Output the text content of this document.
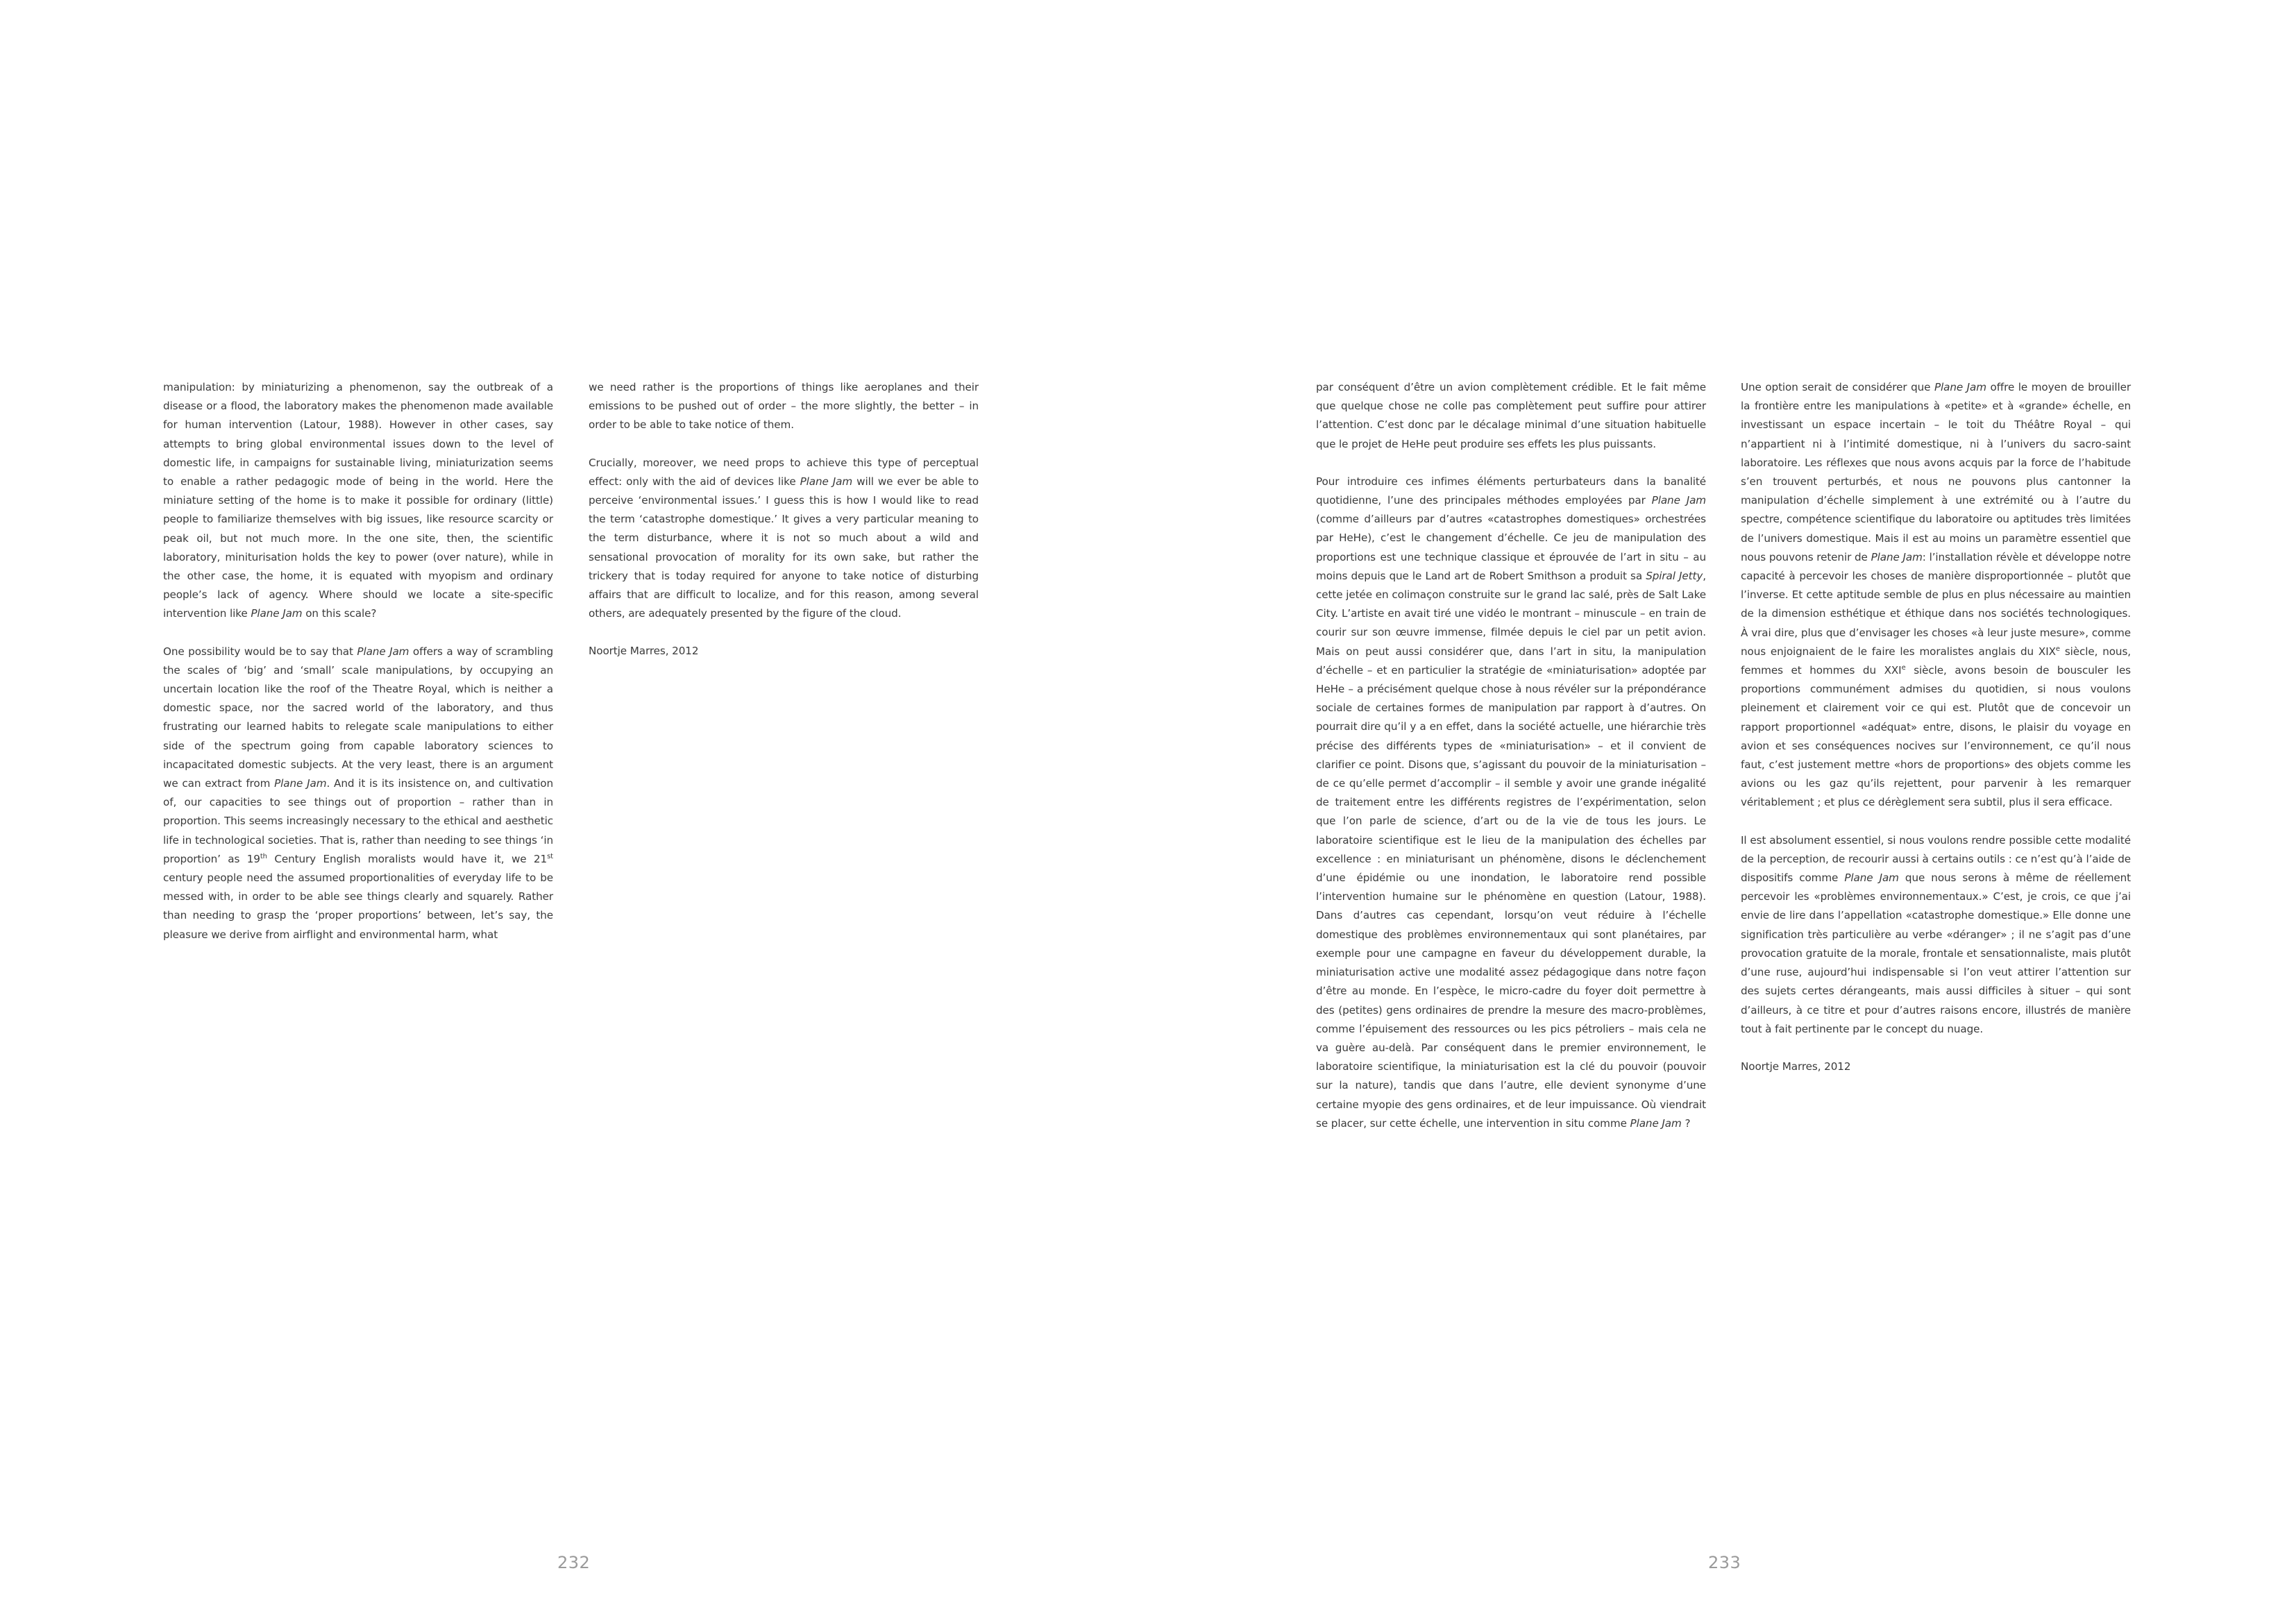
manipulation: by miniaturizing a phenomenon, say the outbreak of a disease or a flood, the laboratory makes the phenomenon made available for human intervention (Latour, 1988). However in other cases, say attempts to bring global environmental issues down to the level of domestic life, in campaigns for sustainable living, miniaturization seems to enable a rather pedagogic mode of being in the world. Here the miniature setting of the home is to make it possible for ordinary (little) people to familiarize themselves with big issues, like resource scarcity or peak oil, but not much more. In the one site, then, the scientific laboratory, miniturisation holds the key to power (over nature), while in the other case, the home, it is equated with myopism and ordinary people’s lack of agency. Where should we locate a site-specific intervention like Plane Jam on this scale?

One possibility would be to say that Plane Jam offers a way of scrambling the scales of ‘big’ and ‘small’ scale manipulations, by occupying an uncertain location like the roof of the Theatre Royal, which is neither a domestic space, nor the sacred world of the laboratory, and thus frustrating our learned habits to relegate scale manipulations to either side of the spectrum going from capable laboratory sciences to incapacitated domestic subjects. At the very least, there is an argument we can extract from Plane Jam. And it is its insistence on, and cultivation of, our capacities to see things out of proportion – rather than in proportion. This seems increasingly necessary to the ethical and aesthetic life in technological societies. That is, rather than needing to see things ‘in proportion’ as 19th Century English moralists would have it, we 21st century people need the assumed proportionalities of everyday life to be messed with, in order to be able see things clearly and squarely. Rather than needing to grasp the ‘proper proportions’ between, let’s say, the pleasure we derive from airflight and environmental harm, what

we need rather is the proportions of things like aeroplanes and their emissions to be pushed out of order – the more slightly, the better – in order to be able to take notice of them.

Crucially, moreover, we need props to achieve this type of perceptual effect: only with the aid of devices like Plane Jam will we ever be able to perceive ‘environmental issues.’ I guess this is how I would like to read the term ‘catastrophe domestique.’ It gives a very particular meaning to the term disturbance, where it is not so much about a wild and sensational provocation of morality for its own sake, but rather the trickery that is today required for anyone to take notice of disturbing affairs that are difficult to localize, and for this reason, among several others, are adequately presented by the figure of the cloud.

Noortje Marres, 2012

232

par conséquent d’être un avion complètement crédible. Et le fait même que quelque chose ne colle pas complètement peut suffire pour attirer l’attention. C’est donc par le décalage minimal d’une situation habituelle que le projet de HeHe peut produire ses effets les plus puissants.

Pour introduire ces infimes éléments perturbateurs dans la banalité quotidienne, l’une des principales méthodes employées par Plane Jam (comme d’ailleurs par d’autres «catastrophes domestiques» orchestrées par HeHe), c’est le changement d’échelle. Ce jeu de manipulation des proportions est une technique classique et éprouvée de l’art in situ – au moins depuis que le Land art de Robert Smithson a produit sa Spiral Jetty, cette jetée en colimaçon construite sur le grand lac salé, près de Salt Lake City. L’artiste en avait tiré une vidéo le montrant – minuscule – en train de courir sur son œuvre immense, filmée depuis le ciel par un petit avion. Mais on peut aussi considérer que, dans l’art in situ, la manipulation d’échelle – et en particulier la stratégie de «miniaturisation» adoptée par HeHe – a précisément quelque chose à nous révéler sur la prépondérance sociale de certaines formes de manipulation par rapport à d’autres. On pourrait dire qu’il y a en effet, dans la société actuelle, une hiérarchie très précise des différents types de «miniaturisation» – et il convient de clarifier ce point. Disons que, s’agissant du pouvoir de la miniaturisation – de ce qu’elle permet d’accomplir – il semble y avoir une grande inégalité de traitement entre les différents registres de l’expérimentation, selon que l’on parle de science, d’art ou de la vie de tous les jours. Le laboratoire scientifique est le lieu de la manipulation des échelles par excellence : en miniaturisant un phénomène, disons le déclenchement d’une épidémie ou une inondation, le laboratoire rend possible l’intervention humaine sur le phénomène en question (Latour, 1988). Dans d’autres cas cependant, lorsqu’on veut réduire à l’échelle domestique des problèmes environnementaux qui sont planétaires, par exemple pour une campagne en faveur du développement durable, la miniaturisation active une modalité assez pédagogique dans notre façon d’être au monde. En l’espèce, le micro-cadre du foyer doit permettre à des (petites) gens ordinaires de prendre la mesure des macro-problèmes, comme l’épuisement des ressources ou les pics pétroliers – mais cela ne va guère au-delà. Par conséquent dans le premier environnement, le laboratoire scientifique, la miniaturisation est la clé du pouvoir (pouvoir sur la nature), tandis que dans l’autre, elle devient synonyme d’une certaine myopie des gens ordinaires, et de leur impuissance. Où viendrait se placer, sur cette échelle, une intervention in situ comme Plane Jam ?

Une option serait de considérer que Plane Jam offre le moyen de brouiller la frontière entre les manipulations à «petite» et à «grande» échelle, en investissant un espace incertain – le toit du Théâtre Royal – qui n’appartient ni à l’intimité domestique, ni à l’univers du sacro-saint laboratoire. Les réflexes que nous avons acquis par la force de l’habitude s’en trouvent perturbés, et nous ne pouvons plus cantonner la manipulation d’échelle simplement à une extrémité ou à l’autre du spectre, compétence scientifique du laboratoire ou aptitudes très limitées de l’univers domestique. Mais il est au moins un paramètre essentiel que nous pouvons retenir de Plane Jam: l’installation révèle et développe notre capacité à percevoir les choses de manière disproportionnée – plutôt que l’inverse. Et cette aptitude semble de plus en plus nécessaire au maintien de la dimension esthétique et éthique dans nos sociétés technologiques. À vrai dire, plus que d’envisager les choses «à leur juste mesure», comme nous enjoignaient de le faire les moralistes anglais du XIXe siècle, nous, femmes et hommes du XXIe siècle, avons besoin de bousculer les proportions communément admises du quotidien, si nous voulons pleinement et clairement voir ce qui est. Plutôt que de concevoir un rapport proportionnel «adéquat» entre, disons, le plaisir du voyage en avion et ses conséquences nocives sur l’environnement, ce qu’il nous faut, c’est justement mettre «hors de proportions» des objets comme les avions ou les gaz qu’ils rejettent, pour parvenir à les remarquer véritablement ; et plus ce dérèglement sera subtil, plus il sera efficace.

Il est absolument essentiel, si nous voulons rendre possible cette modalité de la perception, de recourir aussi à certains outils : ce n’est qu’à l’aide de dispositifs comme Plane Jam que nous serons à même de réellement percevoir les «problèmes environnementaux.» C’est, je crois, ce que j’ai envie de lire dans l’appellation «catastrophe domestique.» Elle donne une signification très particulière au verbe «déranger» ; il ne s’agit pas d’une provocation gratuite de la morale, frontale et sensationnaliste, mais plutôt d’une ruse, aujourd’hui indispensable si l’on veut attirer l’attention sur des sujets certes dérangeants, mais aussi difficiles à situer – qui sont d’ailleurs, à ce titre et pour d’autres raisons encore, illustrés de manière tout à fait pertinente par le concept du nuage.

Noortje Marres, 2012

233
